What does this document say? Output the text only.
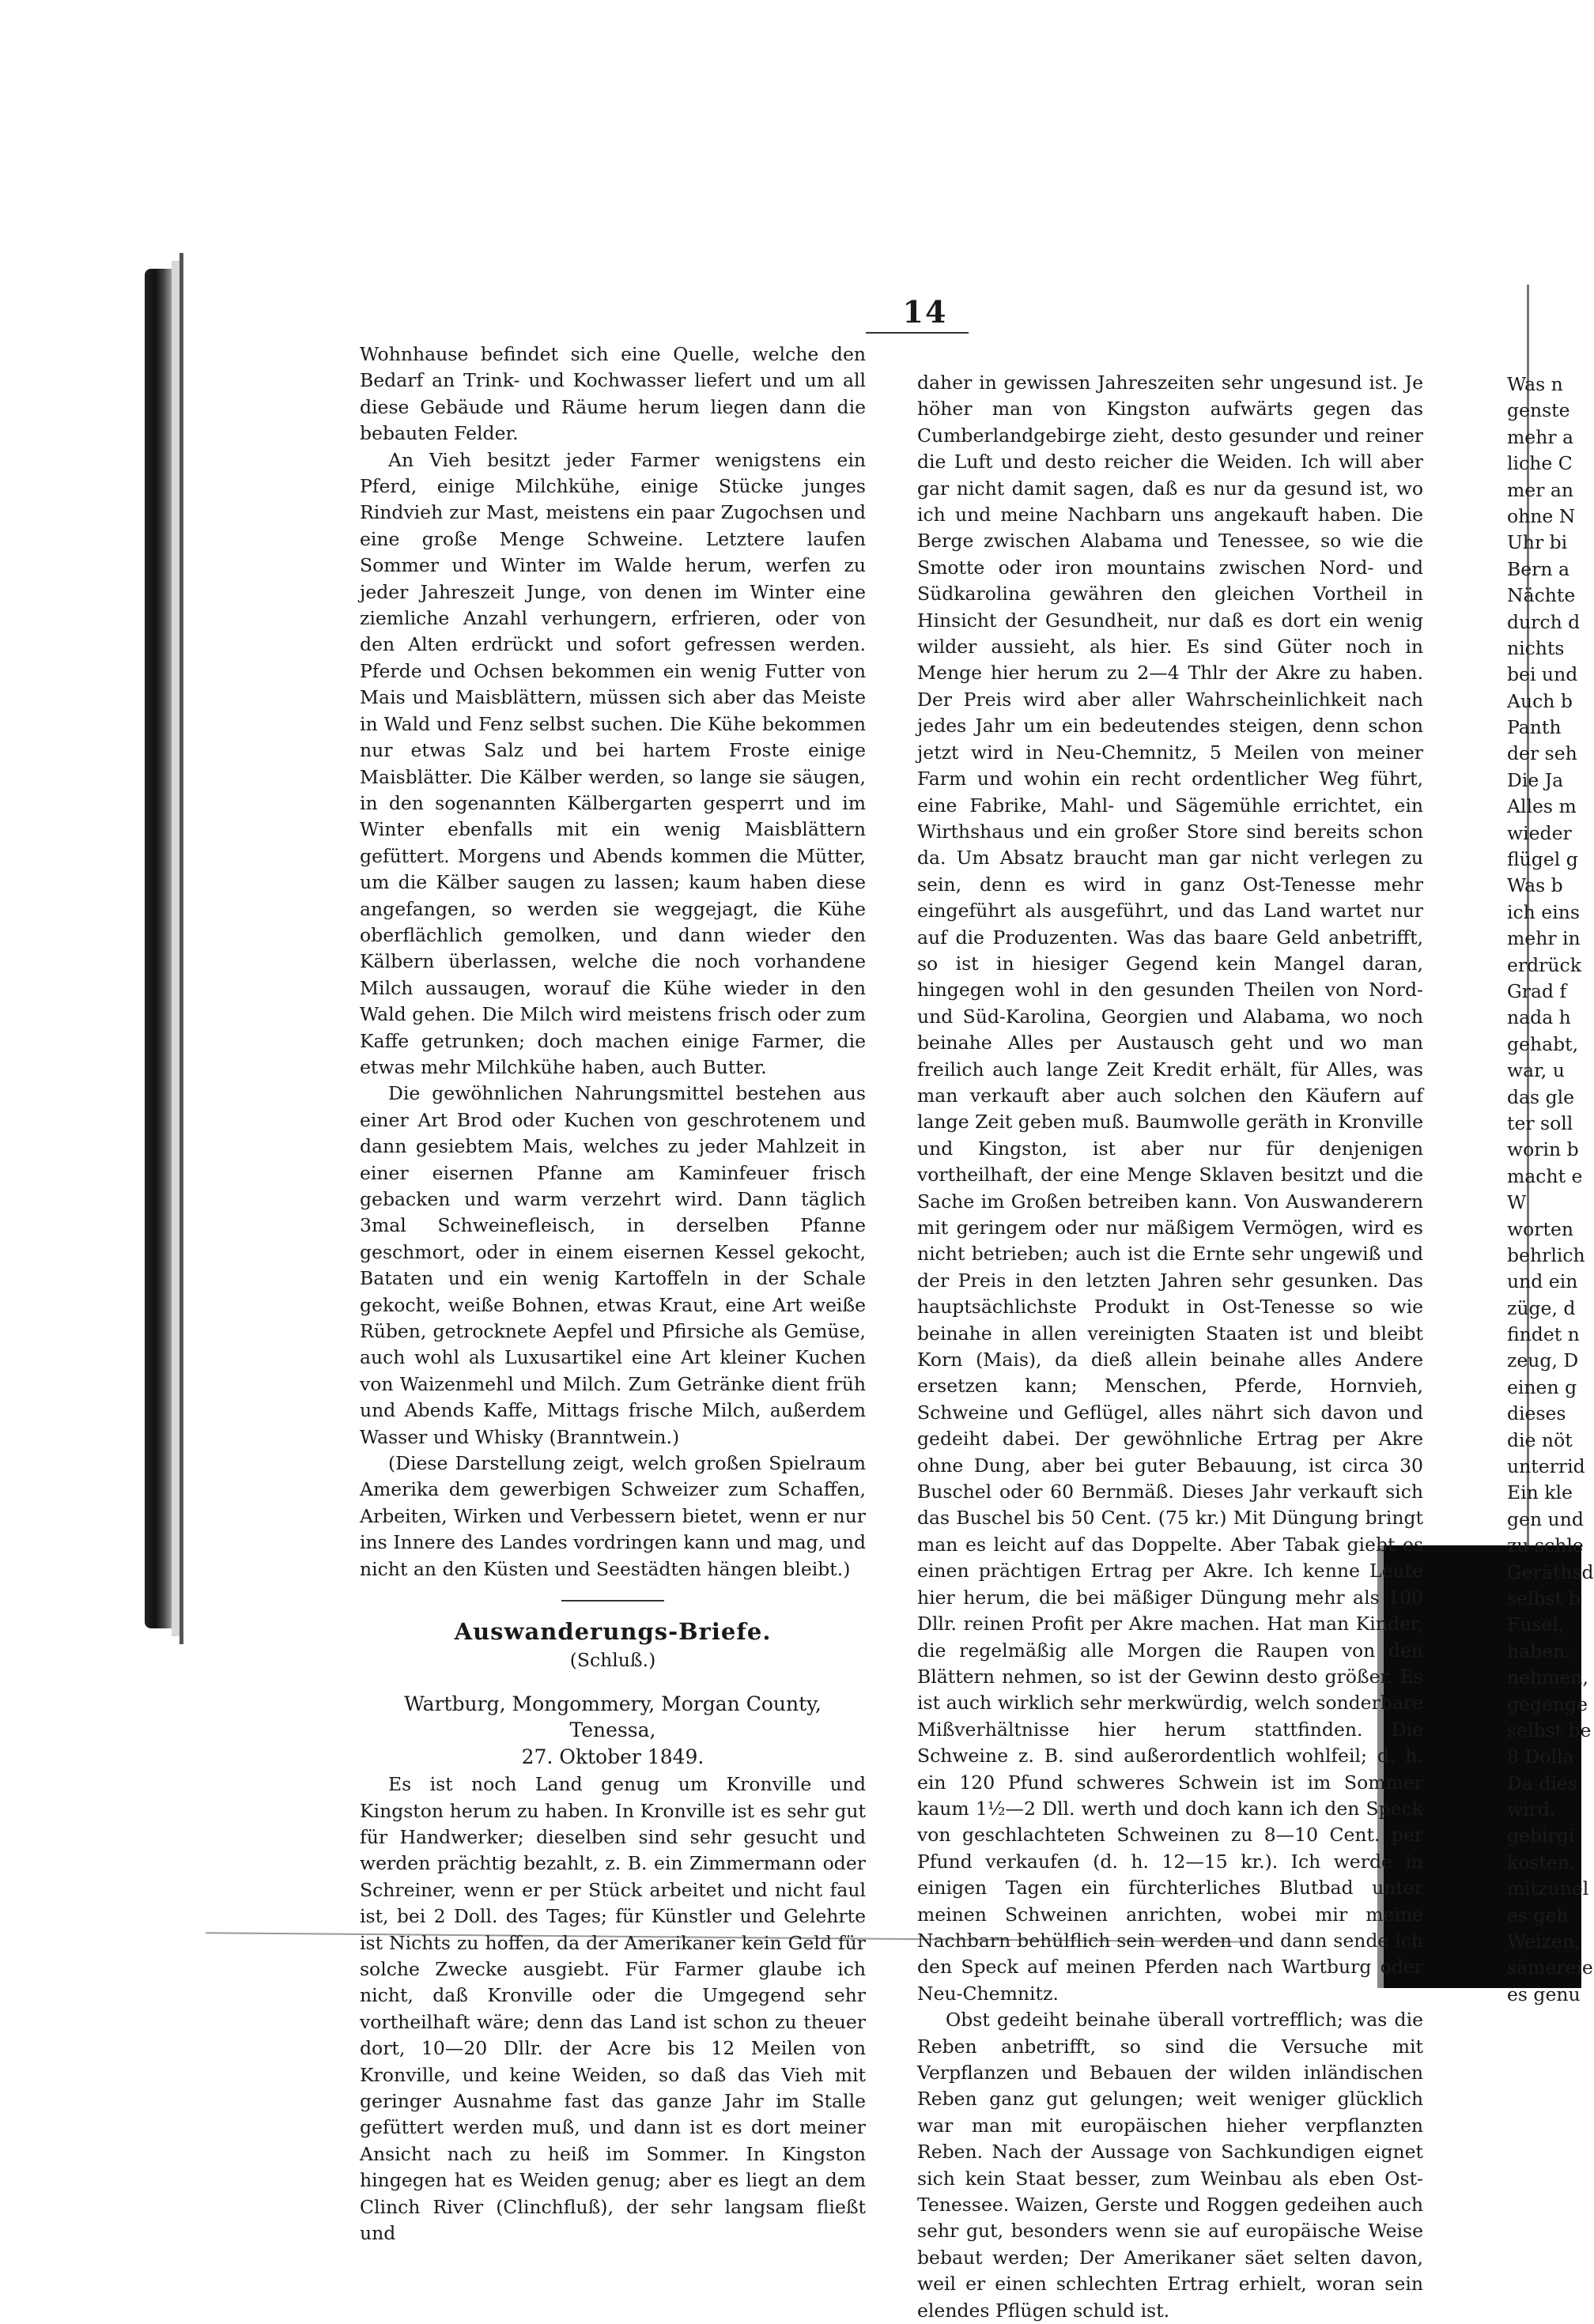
14

Wohnhause befindet sich eine Quelle, welche den Bedarf an Trink- und Kochwasser liefert und um all diese Gebäude und Räume herum liegen dann die bebauten Felder.

An Vieh besitzt jeder Farmer wenigstens ein Pferd, einige Milchkühe, einige Stücke junges Rindvieh zur Mast, meistens ein paar Zugochsen und eine große Menge Schweine. Letztere laufen Sommer und Winter im Walde herum, werfen zu jeder Jahreszeit Junge, von denen im Winter eine ziemliche Anzahl verhungern, erfrieren, oder von den Alten erdrückt und sofort gefressen werden. Pferde und Ochsen bekommen ein wenig Futter von Mais und Maisblättern, müssen sich aber das Meiste in Wald und Fenz selbst suchen. Die Kühe bekommen nur etwas Salz und bei hartem Froste einige Maisblätter. Die Kälber werden, so lange sie säugen, in den sogenannten Kälbergarten gesperrt und im Winter ebenfalls mit ein wenig Maisblättern gefüttert. Morgens und Abends kommen die Mütter, um die Kälber saugen zu lassen; kaum haben diese angefangen, so werden sie weggejagt, die Kühe oberflächlich gemolken, und dann wieder den Kälbern überlassen, welche die noch vorhandene Milch aussaugen, worauf die Kühe wieder in den Wald gehen. Die Milch wird meistens frisch oder zum Kaffe getrunken; doch machen einige Farmer, die etwas mehr Milchkühe haben, auch Butter.

Die gewöhnlichen Nahrungsmittel bestehen aus einer Art Brod oder Kuchen von geschrotenem und dann gesiebtem Mais, welches zu jeder Mahlzeit in einer eisernen Pfanne am Kaminfeuer frisch gebacken und warm verzehrt wird. Dann täglich 3mal Schweinefleisch, in derselben Pfanne geschmort, oder in einem eisernen Kessel gekocht, Bataten und ein wenig Kartoffeln in der Schale gekocht, weiße Bohnen, etwas Kraut, eine Art weiße Rüben, getrocknete Aepfel und Pfirsiche als Gemüse, auch wohl als Luxusartikel eine Art kleiner Kuchen von Waizenmehl und Milch. Zum Getränke dient früh und Abends Kaffe, Mittags frische Milch, außerdem Wasser und Whisky (Branntwein.)

(Diese Darstellung zeigt, welch großen Spielraum Amerika dem gewerbigen Schweizer zum Schaffen, Arbeiten, Wirken und Verbessern bietet, wenn er nur ins Innere des Landes vordringen kann und mag, und nicht an den Küsten und Seestädten hängen bleibt.)

Auswanderungs-Briefe.
(Schluß.)

Wartburg, Mongommery, Morgan County, Tenessa,

27. Oktober 1849.

Es ist noch Land genug um Kronville und Kingston herum zu haben. In Kronville ist es sehr gut für Handwerker; dieselben sind sehr gesucht und werden prächtig bezahlt, z. B. ein Zimmermann oder Schreiner, wenn er per Stück arbeitet und nicht faul ist, bei 2 Doll. des Tages; für Künstler und Gelehrte ist Nichts zu hoffen, da der Amerikaner kein Geld für solche Zwecke ausgiebt. Für Farmer glaube ich nicht, daß Kronville oder die Umgegend sehr vortheilhaft wäre; denn das Land ist schon zu theuer dort, 10—20 Dllr. der Acre bis 12 Meilen von Kronville, und keine Weiden, so daß das Vieh mit geringer Ausnahme fast das ganze Jahr im Stalle gefüttert werden muß, und dann ist es dort meiner Ansicht nach zu heiß im Sommer. In Kingston hingegen hat es Weiden genug; aber es liegt an dem Clinch River (Clinchfluß), der sehr langsam fließt und

daher in gewissen Jahreszeiten sehr ungesund ist. Je höher man von Kingston aufwärts gegen das Cumberlandgebirge zieht, desto gesunder und reiner die Luft und desto reicher die Weiden. Ich will aber gar nicht damit sagen, daß es nur da gesund ist, wo ich und meine Nachbarn uns angekauft haben. Die Berge zwischen Alabama und Tenessee, so wie die Smotte oder iron mountains zwischen Nord- und Südkarolina gewähren den gleichen Vortheil in Hinsicht der Gesundheit, nur daß es dort ein wenig wilder aussieht, als hier. Es sind Güter noch in Menge hier herum zu 2—4 Thlr der Akre zu haben. Der Preis wird aber aller Wahrscheinlichkeit nach jedes Jahr um ein bedeutendes steigen, denn schon jetzt wird in Neu-Chemnitz, 5 Meilen von meiner Farm und wohin ein recht ordentlicher Weg führt, eine Fabrike, Mahl- und Sägemühle errichtet, ein Wirthshaus und ein großer Store sind bereits schon da. Um Absatz braucht man gar nicht verlegen zu sein, denn es wird in ganz Ost-Tenesse mehr eingeführt als ausgeführt, und das Land wartet nur auf die Produzenten. Was das baare Geld anbetrifft, so ist in hiesiger Gegend kein Mangel daran, hingegen wohl in den gesunden Theilen von Nord- und Süd-Karolina, Georgien und Alabama, wo noch beinahe Alles per Austausch geht und wo man freilich auch lange Zeit Kredit erhält, für Alles, was man verkauft aber auch solchen den Käufern auf lange Zeit geben muß. Baumwolle geräth in Kronville und Kingston, ist aber nur für denjenigen vortheilhaft, der eine Menge Sklaven besitzt und die Sache im Großen betreiben kann. Von Auswanderern mit geringem oder nur mäßigem Vermögen, wird es nicht betrieben; auch ist die Ernte sehr ungewiß und der Preis in den letzten Jahren sehr gesunken. Das hauptsächlichste Produkt in Ost-Tenesse so wie beinahe in allen vereinigten Staaten ist und bleibt Korn (Mais), da dieß allein beinahe alles Andere ersetzen kann; Menschen, Pferde, Hornvieh, Schweine und Geflügel, alles nährt sich davon und gedeiht dabei. Der gewöhnliche Ertrag per Akre ohne Dung, aber bei guter Bebauung, ist circa 30 Buschel oder 60 Bernmäß. Dieses Jahr verkauft sich das Buschel bis 50 Cent. (75 kr.) Mit Düngung bringt man es leicht auf das Doppelte. Aber Tabak giebt es einen prächtigen Ertrag per Akre. Ich kenne Leute hier herum, die bei mäßiger Düngung mehr als 100 Dllr. reinen Profit per Akre machen. Hat man Kinder, die regelmäßig alle Morgen die Raupen von den Blättern nehmen, so ist der Gewinn desto größer. Es ist auch wirklich sehr merkwürdig, welch sonderbare Mißverhältnisse hier herum stattfinden. Die Schweine z. B. sind außerordentlich wohlfeil; d. h. ein 120 Pfund schweres Schwein ist im Sommer kaum 1½—2 Dll. werth und doch kann ich den Speck von geschlachteten Schweinen zu 8—10 Cent. per Pfund verkaufen (d. h. 12—15 kr.). Ich werde in einigen Tagen ein fürchterliches Blutbad unter meinen Schweinen anrichten, wobei mir meine Nachbarn behülflich sein werden und dann sende ich den Speck auf meinen Pferden nach Wartburg oder Neu-Chemnitz.

Obst gedeiht beinahe überall vortrefflich; was die Reben anbetrifft, so sind die Versuche mit Verpflanzen und Bebauen der wilden inländischen Reben ganz gut gelungen; weit weniger glücklich war man mit europäischen hieher verpflanzten Reben. Nach der Aussage von Sachkundigen eignet sich kein Staat besser, zum Weinbau als eben Ost-Tenessee. Waizen, Gerste und Roggen gedeihen auch sehr gut, besonders wenn sie auf europäische Weise bebaut werden; Der Amerikaner säet selten davon, weil er einen schlechten Ertrag erhielt, woran sein elendes Pflügen schuld ist.

Was n
genste
mehr a
liche C
mer an
ohne N
Uhr bi
Bern a
Nächte
durch d
nichts
bei und
Auch b
Panth
der seh
Die Ja
Alles m
wieder
flügel g
Was b
ich eins
mehr in
erdrück
Grad f
nada h
gehabt,
war, u
das gle
ter soll
worin b
macht e
W
worten
behrlich
und ein
züge, d
findet n
zeug, D
einen g
dieses
die nöt
unterrid
Ein kle
gen und
zu schle
Geräthsd
selbst b
Fusel,
haben.
nehmen,
gegenge
selbst be
8 Dolla
Da dies
wird.
gebirgi
kosten,
mitzunel
es geh
Weizen,
sämereie
es genu
